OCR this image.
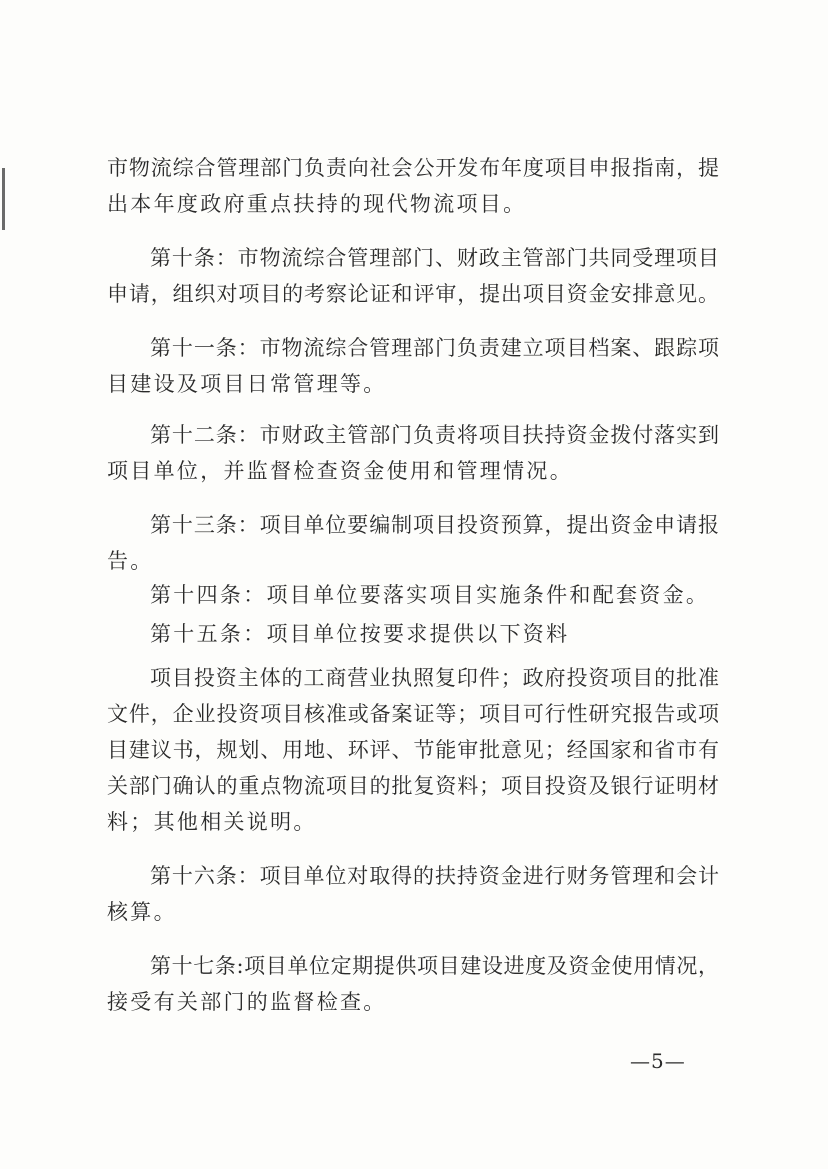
市物流综合管理部门负责向社会公开发布年度项目申报指南，提
出本年度政府重点扶持的现代物流项目。
第十条：市物流综合管理部门、财政主管部门共同受理项目
申请，组织对项目的考察论证和评审，提出项目资金安排意见。
第十一条：市物流综合管理部门负责建立项目档案、跟踪项
目建设及项目日常管理等。
第十二条：市财政主管部门负责将项目扶持资金拨付落实到
项目单位，并监督检查资金使用和管理情况。
第十三条：项目单位要编制项目投资预算，提出资金申请报
告。
第十四条：项目单位要落实项目实施条件和配套资金。
第十五条：项目单位按要求提供以下资料
项目投资主体的工商营业执照复印件；政府投资项目的批准
文件，企业投资项目核准或备案证等；项目可行性研究报告或项
目建议书，规划、用地、环评、节能审批意见；经国家和省市有
关部门确认的重点物流项目的批复资料；项目投资及银行证明材
料；其他相关说明。
第十六条：项目单位对取得的扶持资金进行财务管理和会计
核算。
第十七条:项目单位定期提供项目建设进度及资金使用情况，
接受有关部门的监督检查。
—5—
